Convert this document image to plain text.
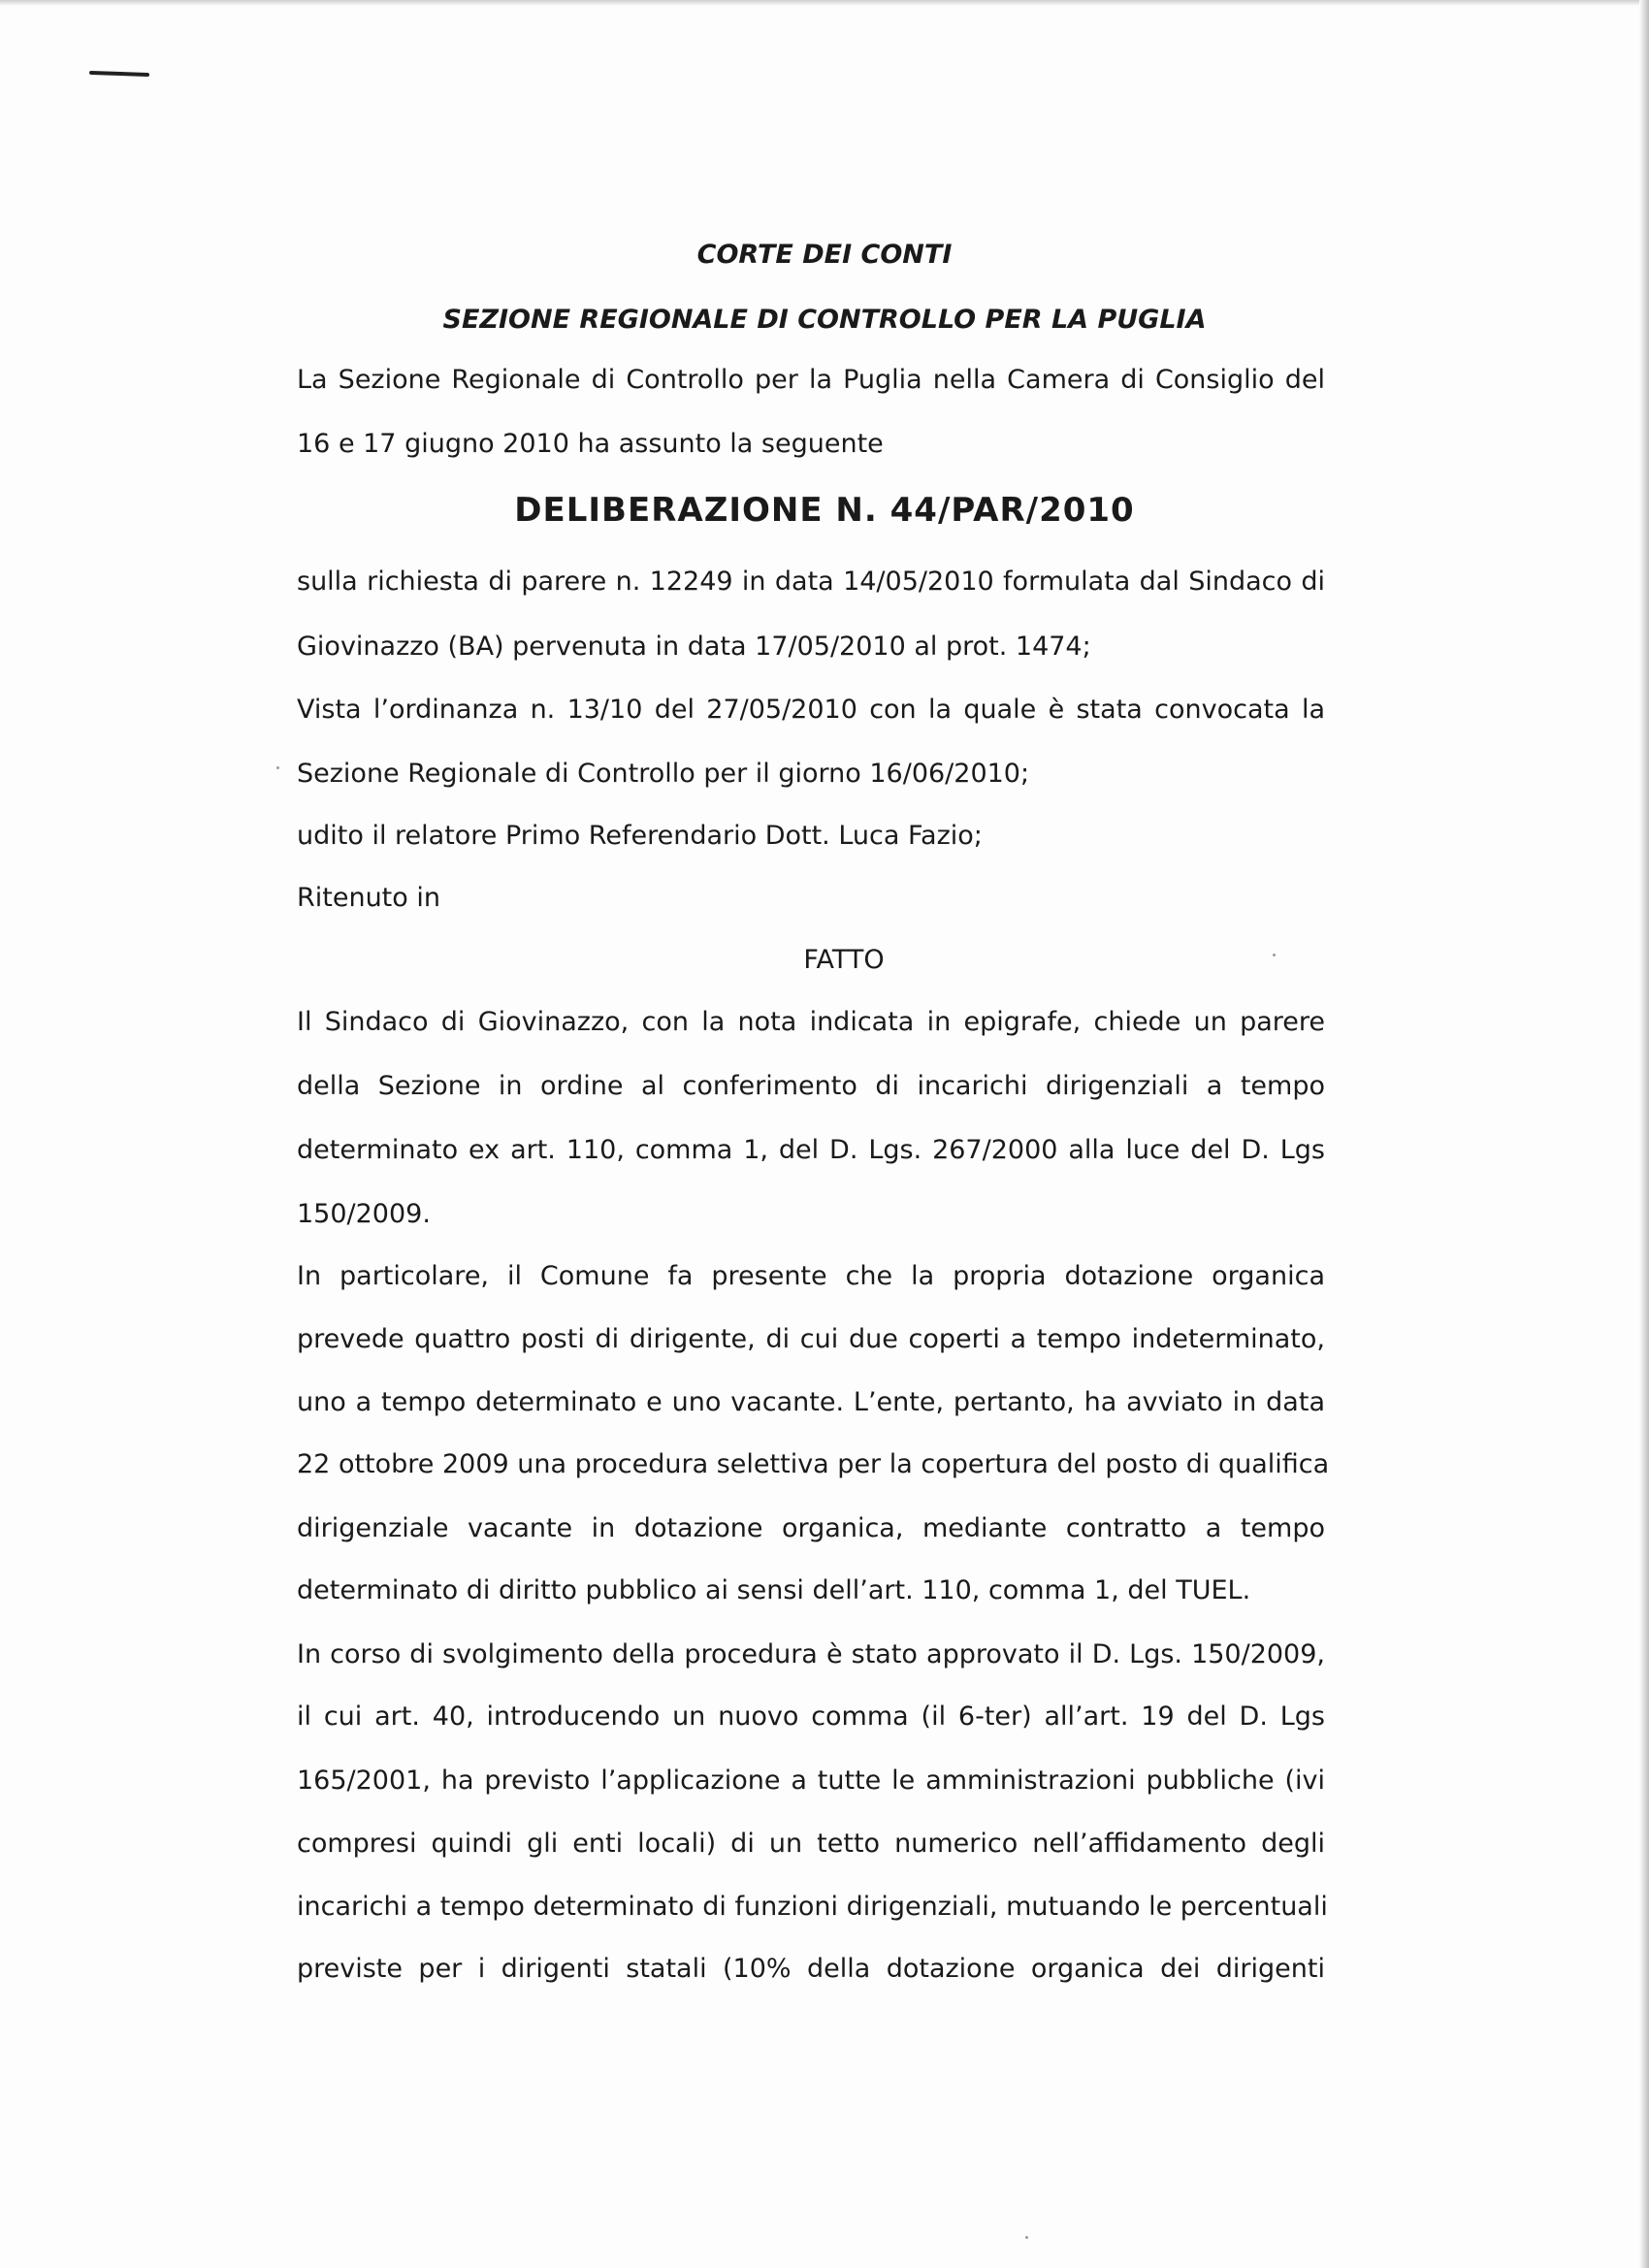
CORTE DEI CONTI
SEZIONE REGIONALE DI CONTROLLO PER LA PUGLIA
La Sezione Regionale di Controllo per la Puglia nella Camera di Consiglio del
16 e 17 giugno 2010 ha assunto la seguente
DELIBERAZIONE N. 44/PAR/2010
sulla richiesta di parere n. 12249 in data 14/05/2010 formulata dal Sindaco di
Giovinazzo (BA) pervenuta in data 17/05/2010 al prot. 1474;
Vista l’ordinanza n. 13/10 del 27/05/2010 con la quale è stata convocata la
Sezione Regionale di Controllo per il giorno 16/06/2010;
udito il relatore Primo Referendario Dott. Luca Fazio;
Ritenuto in
FATTO
Il Sindaco di Giovinazzo, con la nota indicata in epigrafe, chiede un parere
della Sezione in ordine al conferimento di incarichi dirigenziali a tempo
determinato ex art. 110, comma 1, del D. Lgs. 267/2000 alla luce del D. Lgs
150/2009.
In particolare, il Comune fa presente che la propria dotazione organica
prevede quattro posti di dirigente, di cui due coperti a tempo indeterminato,
uno a tempo determinato e uno vacante. L’ente, pertanto, ha avviato in data
22 ottobre 2009 una procedura selettiva per la copertura del posto di qualifica
dirigenziale vacante in dotazione organica, mediante contratto a tempo
determinato di diritto pubblico ai sensi dell’art. 110, comma 1, del TUEL.
In corso di svolgimento della procedura è stato approvato il D. Lgs. 150/2009,
il cui art. 40, introducendo un nuovo comma (il 6-ter) all’art. 19 del D. Lgs
165/2001, ha previsto l’applicazione a tutte le amministrazioni pubbliche (ivi
compresi quindi gli enti locali) di un tetto numerico nell’affidamento degli
incarichi a tempo determinato di funzioni dirigenziali, mutuando le percentuali
previste per i dirigenti statali (10% della dotazione organica dei dirigenti
